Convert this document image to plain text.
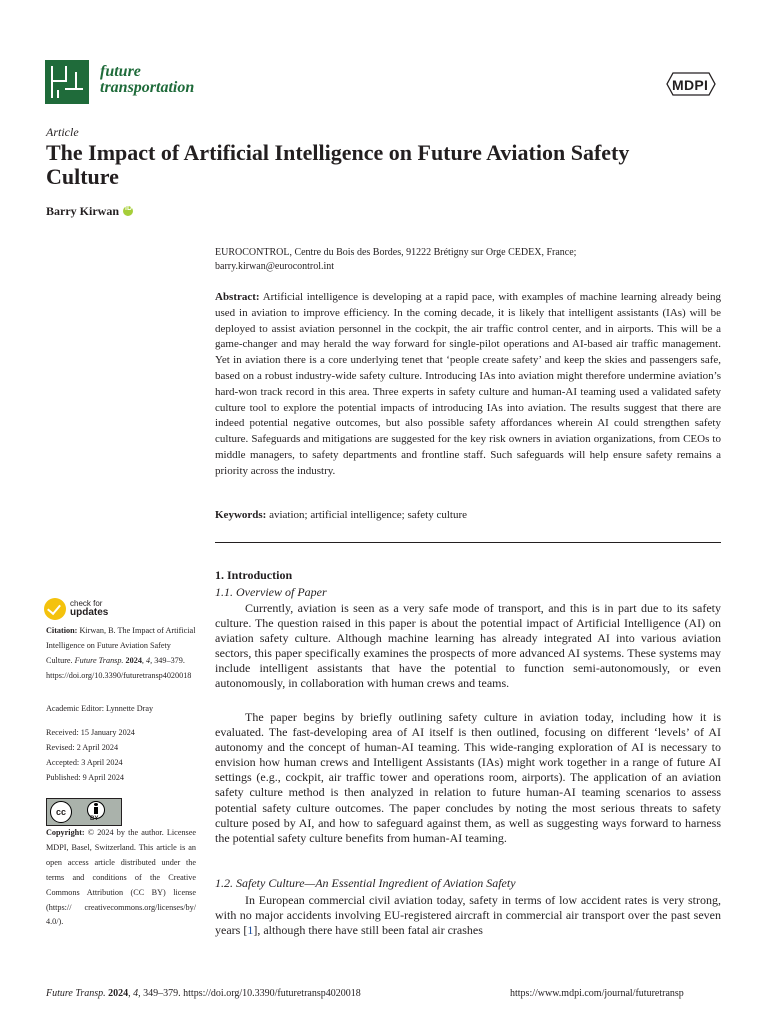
future
transportation	MDPI
Article
The Impact of Artificial Intelligence on Future Aviation Safety Culture
Barry Kirwan iD
EUROCONTROL, Centre du Bois des Bordes, 91222 Brétigny sur Orge CEDEX, France;
barry.kirwan@eurocontrol.int
Abstract: Artificial intelligence is developing at a rapid pace, with examples of machine learning already being used in aviation to improve efficiency. In the coming decade, it is likely that intelligent assistants (IAs) will be deployed to assist aviation personnel in the cockpit, the air traffic control center, and in airports. This will be a game-changer and may herald the way forward for single-pilot operations and AI-based air traffic management. Yet in aviation there is a core underlying tenet that ‘people create safety’ and keep the skies and passengers safe, based on a robust industry-wide safety culture. Introducing IAs into aviation might therefore undermine aviation’s hard-won track record in this area. Three experts in safety culture and human-AI teaming used a validated safety culture tool to explore the potential impacts of introducing IAs into aviation. The results suggest that there are indeed potential negative outcomes, but also possible safety affordances wherein AI could strengthen safety culture. Safeguards and mitigations are suggested for the key risk owners in aviation organizations, from CEOs to middle managers, to safety departments and frontline staff. Such safeguards will help ensure safety remains a priority across the industry.
Keywords: aviation; artificial intelligence; safety culture
1. Introduction
1.1. Overview of Paper
   Currently, aviation is seen as a very safe mode of transport, and this is in part due to its safety culture. The question raised in this paper is about the potential impact of Artificial Intelligence (AI) on aviation safety culture. Although machine learning has already integrated AI into various aviation sectors, this paper specifically examines the prospects of more advanced AI systems. These systems may include intelligent assistants that have the potential to function semi-autonomously, or even autonomously, in collaboration with human crews and teams.
   The paper begins by briefly outlining safety culture in aviation today, including how it is evaluated. The fast-developing area of AI itself is then outlined, focusing on different ‘levels’ of AI autonomy and the concept of human-AI teaming. This wide-ranging exploration of AI is necessary to envision how human crews and Intelligent Assistants (IAs) might work together in a range of future AI settings (e.g., cockpit, air traffic tower and operations room, airports). The application of an aviation safety culture method is then analyzed in relation to future human-AI teaming scenarios to assess potential safety culture outcomes. The paper concludes by noting the most serious threats to safety culture posed by AI, and how to safeguard against them, as well as suggesting ways forward to harness the potential safety culture benefits from human-AI teaming.
1.2. Safety Culture—An Essential Ingredient of Aviation Safety
   In European commercial civil aviation today, safety in terms of low accident rates is very strong, with no major accidents involving EU-registered aircraft in commercial air transport over the past seven years [1], although there have still been fatal air crashes
check for
updates
Citation: Kirwan, B. The Impact of Artificial Intelligence on Future Aviation Safety Culture. Future Transp. 2024, 4, 349–379. https://doi.org/10.3390/futuretransp4020018
Academic Editor: Lynnette Dray
Received: 15 January 2024
Revised: 2 April 2024
Accepted: 3 April 2024
Published: 9 April 2024
cc
BY
Copyright: © 2024 by the author. Licensee MDPI, Basel, Switzerland. This article is an open access article distributed under the terms and conditions of the Creative Commons Attribution (CC BY) license (https:// creativecommons.org/licenses/by/ 4.0/).
Future Transp. 2024, 4, 349–379. https://doi.org/10.3390/futuretransp4020018	https://www.mdpi.com/journal/futuretransp
